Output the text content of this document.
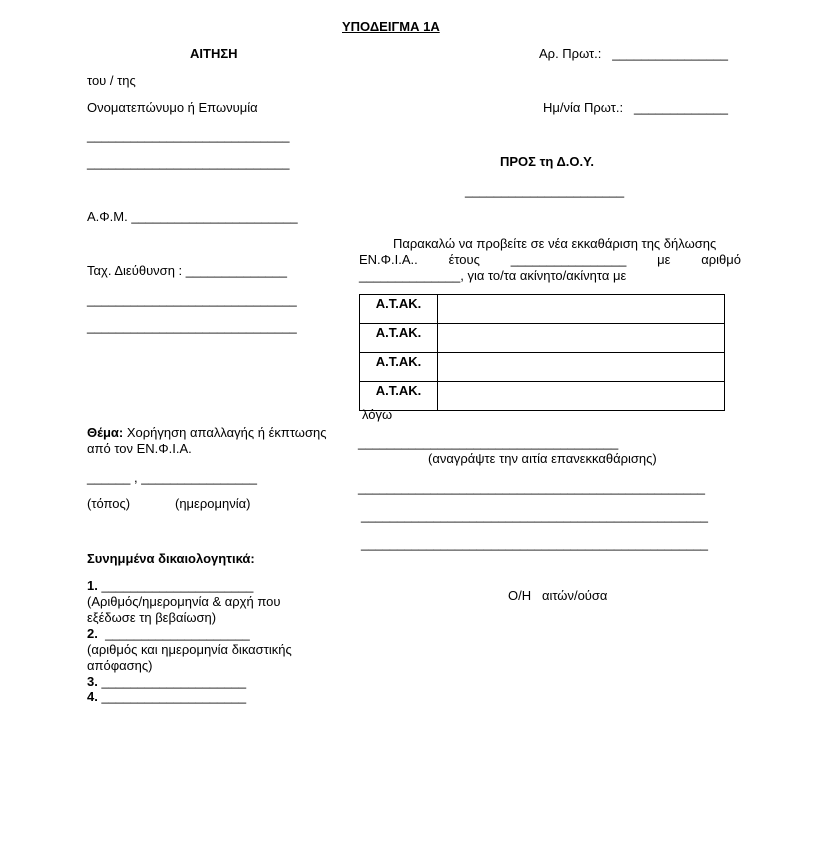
ΥΠΟΔΕΙΓΜΑ 1Α
ΑΙΤΗΣΗ	Αρ. Πρωτ.: ________________
Ημ/νία Πρωτ.: _____________
του / της
Ονοματεπώνυμο ή Επωνυμία
____________________________
____________________________
Α.Φ.Μ. _______________________
Ταχ. Διεύθυνση : ______________
_____________________________
_____________________________
ΠΡΟΣ τη Δ.Ο.Υ.
______________________
Παρακαλώ να προβείτε σε νέα εκκαθάριση της δήλωσης
ΕΝ.Φ.Ι.Α.. έτους ________________ με αριθμό
______________, για το/τα ακίνητο/ακίνητα με
Α.Τ.ΑΚ.	
Α.Τ.ΑΚ.	
Α.Τ.ΑΚ.	
Α.Τ.ΑΚ.	
λόγω
____________________________________
(αναγράψτε την αιτία επανεκκαθάρισης)
________________________________________________
________________________________________________
________________________________________________
Θέμα: Χορήγηση απαλλαγής ή έκπτωσης
από τον ΕΝ.Φ.Ι.Α.
______ , ________________
(τόπος)	(ημερομηνία)
Συνημμένα δικαιολογητικά:
1. _____________________
(Αριθμός/ημερομηνία & αρχή που
εξέδωσε τη βεβαίωση)
2. ____________________
(αριθμός και ημερομηνία δικαστικής
απόφασης)
3. ____________________
4. ____________________
Ο/Η   αιτών/ούσα
